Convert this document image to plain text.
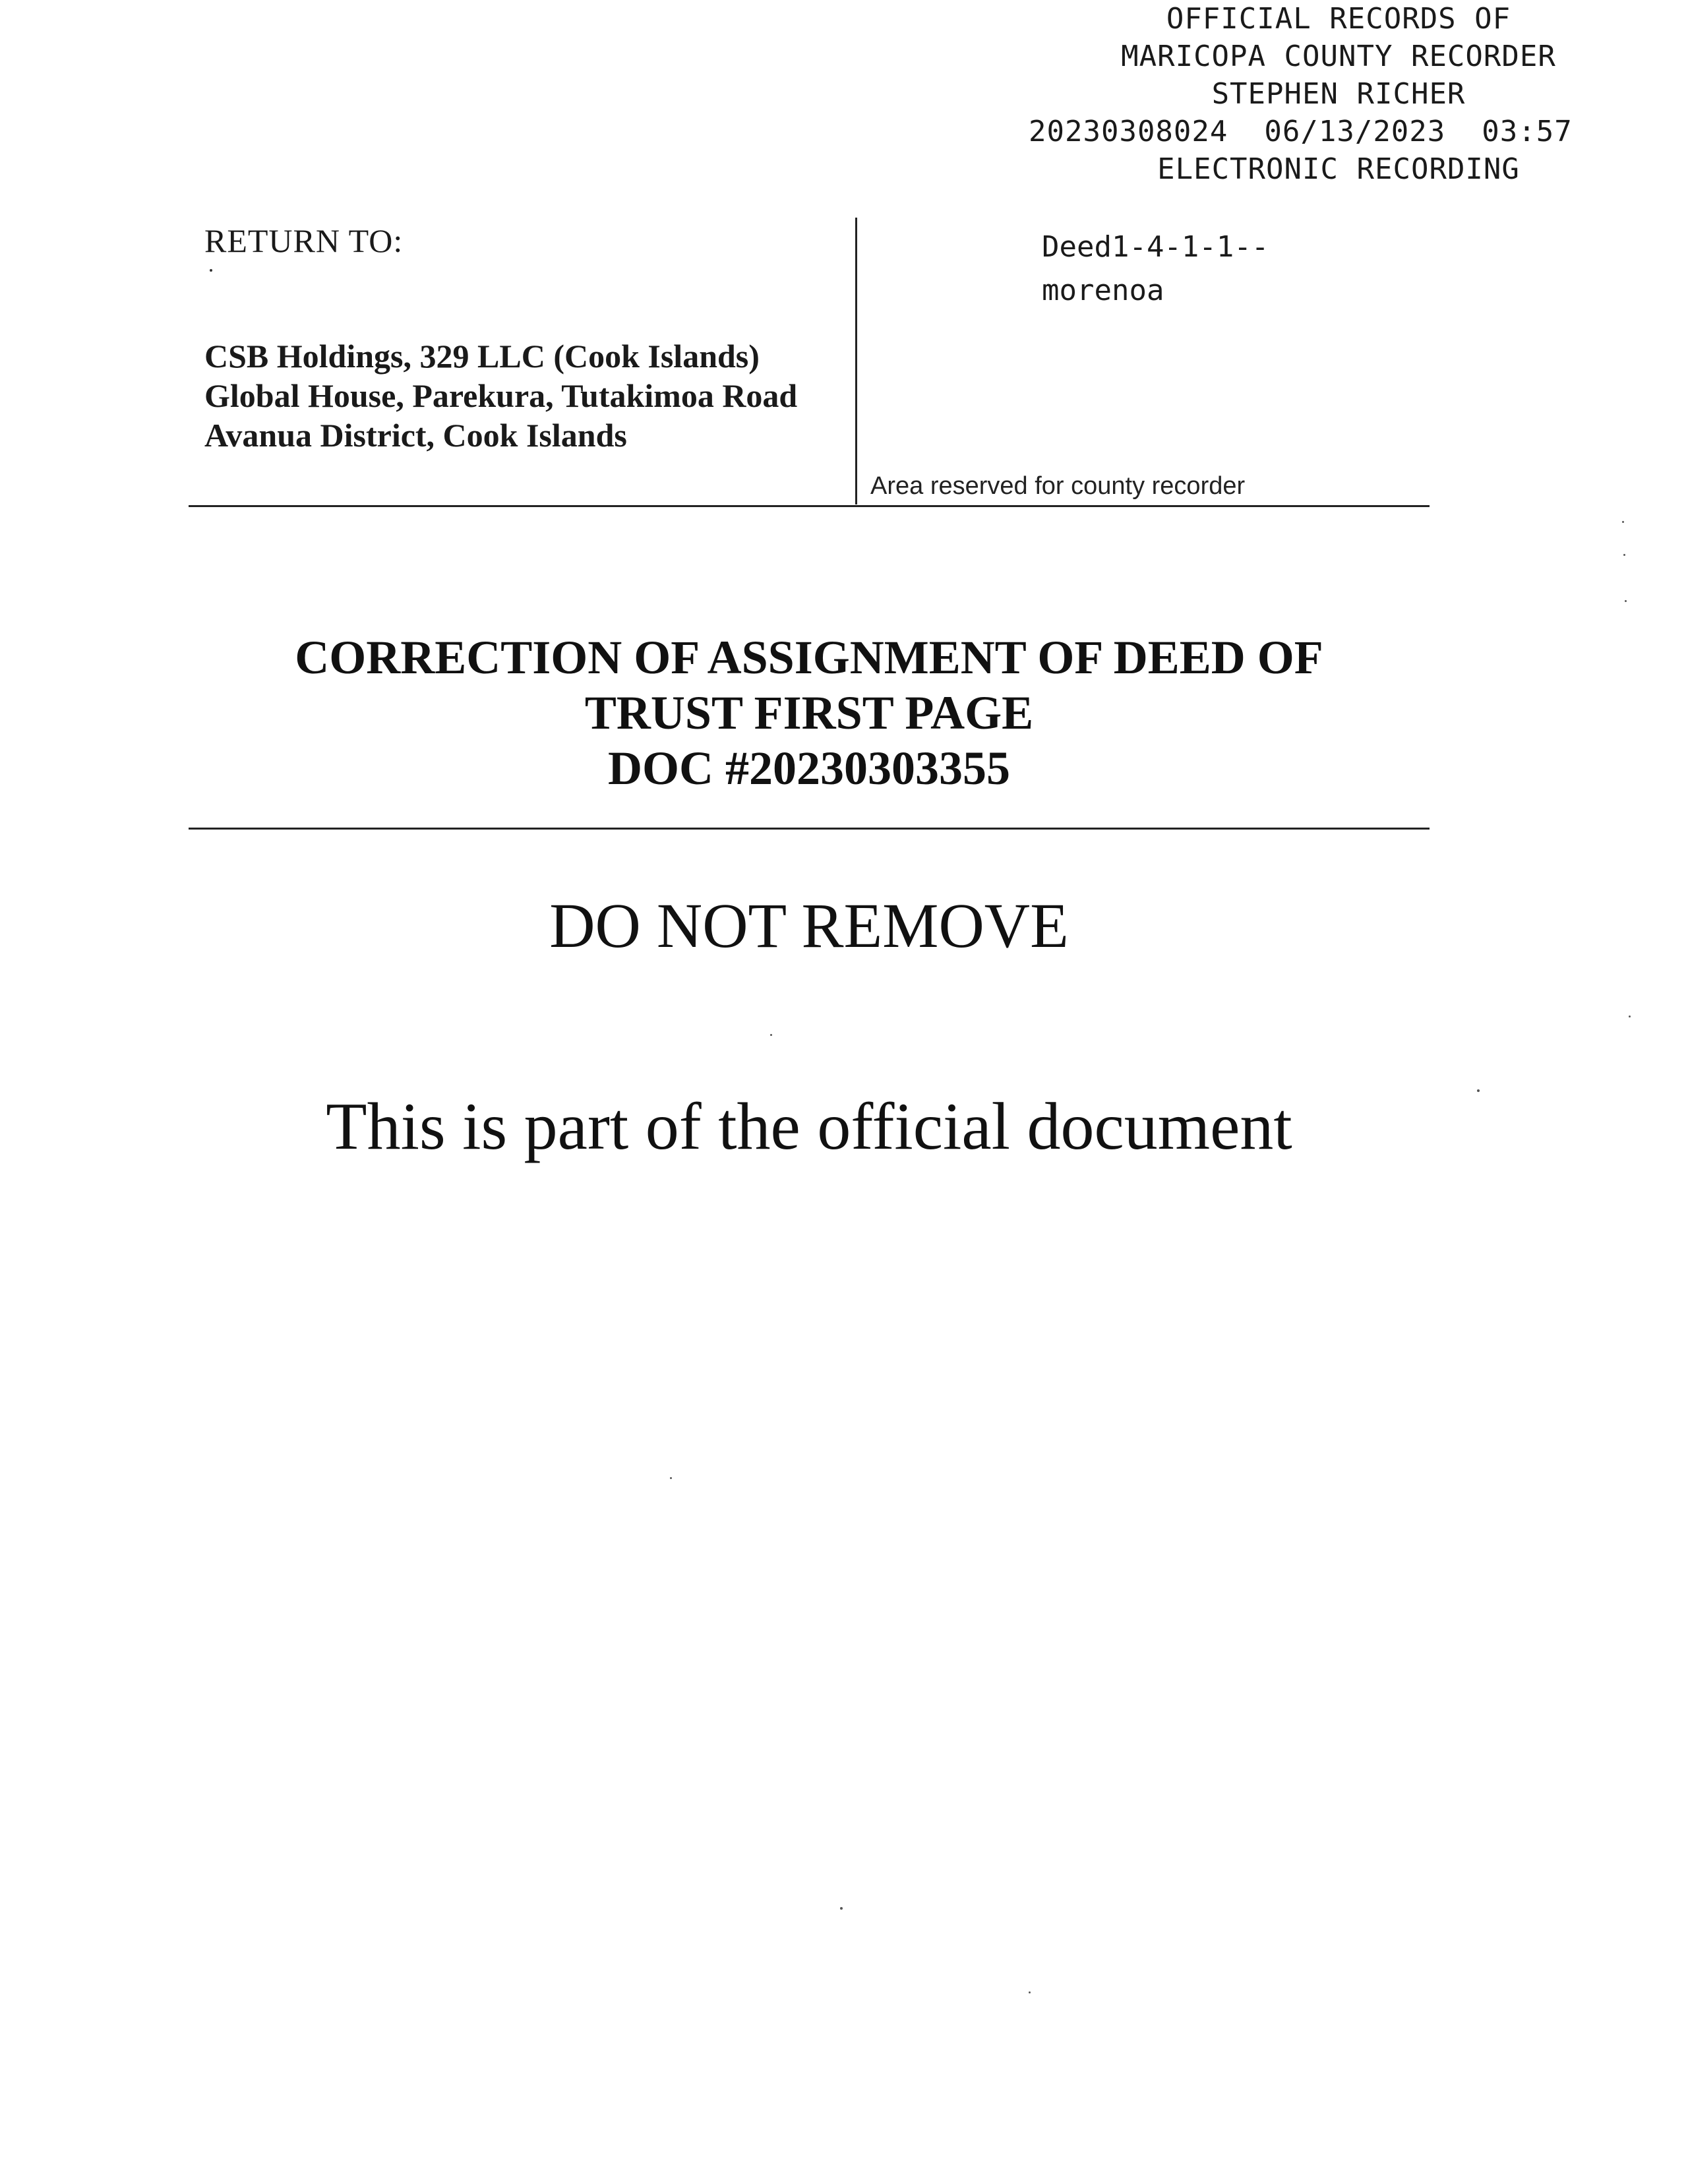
OFFICIAL RECORDS OF
MARICOPA COUNTY RECORDER
STEPHEN RICHER
20230308024  06/13/2023  03:57
ELECTRONIC RECORDING
RETURN TO:
CSB Holdings, 329 LLC (Cook Islands)
Global House, Parekura, Tutakimoa Road
Avanua District, Cook Islands
Deed1-4-1-1--
morenoa
Area reserved for county recorder
CORRECTION OF ASSIGNMENT OF DEED OF
TRUST FIRST PAGE
DOC #20230303355
DO NOT REMOVE
This is part of the official document
